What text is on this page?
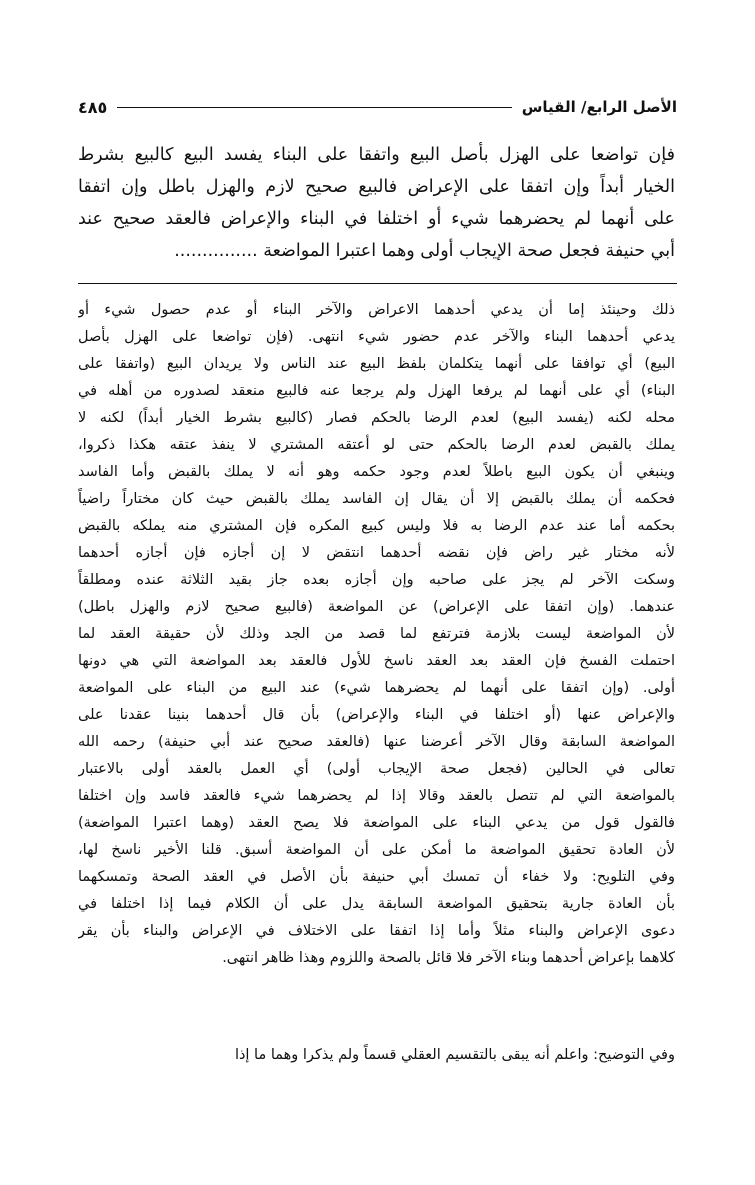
الأصل الرابع/ القياس
٤٨٥
فإن تواضعا على الهزل بأصل البيع واتفقا على البناء يفسد البيع كالبيع بشرط
الخيار أبداً وإن اتفقا على الإعراض فالبيع صحيح لازم والهزل باطل وإن اتفقا
على أنهما لم يحضرهما شيء أو اختلفا في البناء والإعراض فالعقد صحيح عند
أبي حنيفة فجعل صحة الإيجاب أولى وهما اعتبرا المواضعة ...............
ذلك وحينئذ إما أن يدعي أحدهما الاعراض والآخر البناء أو عدم حصول شيء أو
يدعي أحدهما البناء والآخر عدم حضور شيء انتهى. (فإن تواضعا على الهزل بأصل
البيع) أي توافقا على أنهما يتكلمان بلفظ البيع عند الناس ولا يريدان البيع (واتفقا على
البناء) أي على أنهما لم يرفعا الهزل ولم يرجعا عنه فالبيع منعقد لصدوره من أهله في
محله لكنه (يفسد البيع) لعدم الرضا بالحكم فصار (كالبيع بشرط الخيار أبداً) لكنه لا
يملك بالقبض لعدم الرضا بالحكم حتى لو أعتقه المشتري لا ينفذ عتقه هكذا ذكروا،
وينبغي أن يكون البيع باطلاً لعدم وجود حكمه وهو أنه لا يملك بالقبض وأما الفاسد
فحكمه أن يملك بالقبض إلا أن يقال إن الفاسد يملك بالقبض حيث كان مختاراً راضياً
بحكمه أما عند عدم الرضا به فلا وليس كبيع المكره فإن المشتري منه يملكه بالقبض
لأنه مختار غير راض فإن نقضه أحدهما انتقض لا إن أجازه فإن أجازه أحدهما
وسكت الآخر لم يجز على صاحبه وإن أجازه بعده جاز بقيد الثلاثة عنده ومطلقاً
عندهما. (وإن اتفقا على الإعراض) عن المواضعة (فالبيع صحيح لازم والهزل باطل)
لأن المواضعة ليست بلازمة فترتفع لما قصد من الجد وذلك لأن حقيقة العقد لما
احتملت الفسخ فإن العقد بعد العقد ناسخ للأول فالعقد بعد المواضعة التي هي دونها
أولى. (وإن اتفقا على أنهما لم يحضرهما شيء) عند البيع من البناء على المواضعة
والإعراض عنها (أو اختلفا في البناء والإعراض) بأن قال أحدهما بنينا عقدنا على
المواضعة السابقة وقال الآخر أعرضنا عنها (فالعقد صحيح عند أبي حنيفة) رحمه الله
تعالى في الحالين (فجعل صحة الإيجاب أولى) أي العمل بالعقد أولى بالاعتبار
بالمواضعة التي لم تتصل بالعقد وقالا إذا لم يحضرهما شيء فالعقد فاسد وإن اختلفا
فالقول قول من يدعي البناء على المواضعة فلا يصح العقد (وهما اعتبرا المواضعة)
لأن العادة تحقيق المواضعة ما أمكن على أن المواضعة أسبق. قلنا الأخير ناسخ لها،
وفي التلويح: ولا خفاء أن تمسك أبي حنيفة بأن الأصل في العقد الصحة وتمسكهما
بأن العادة جارية بتحقيق المواضعة السابقة يدل على أن الكلام فيما إذا اختلفا في
دعوى الإعراض والبناء مثلاً وأما إذا اتفقا على الاختلاف في الإعراض والبناء بأن يقر
كلاهما بإعراض أحدهما وبناء الآخر فلا قائل بالصحة واللزوم وهذا ظاهر انتهى.
وفي التوضيح: واعلم أنه يبقى بالتقسيم العقلي قسماً ولم يذكرا وهما ما إذا
